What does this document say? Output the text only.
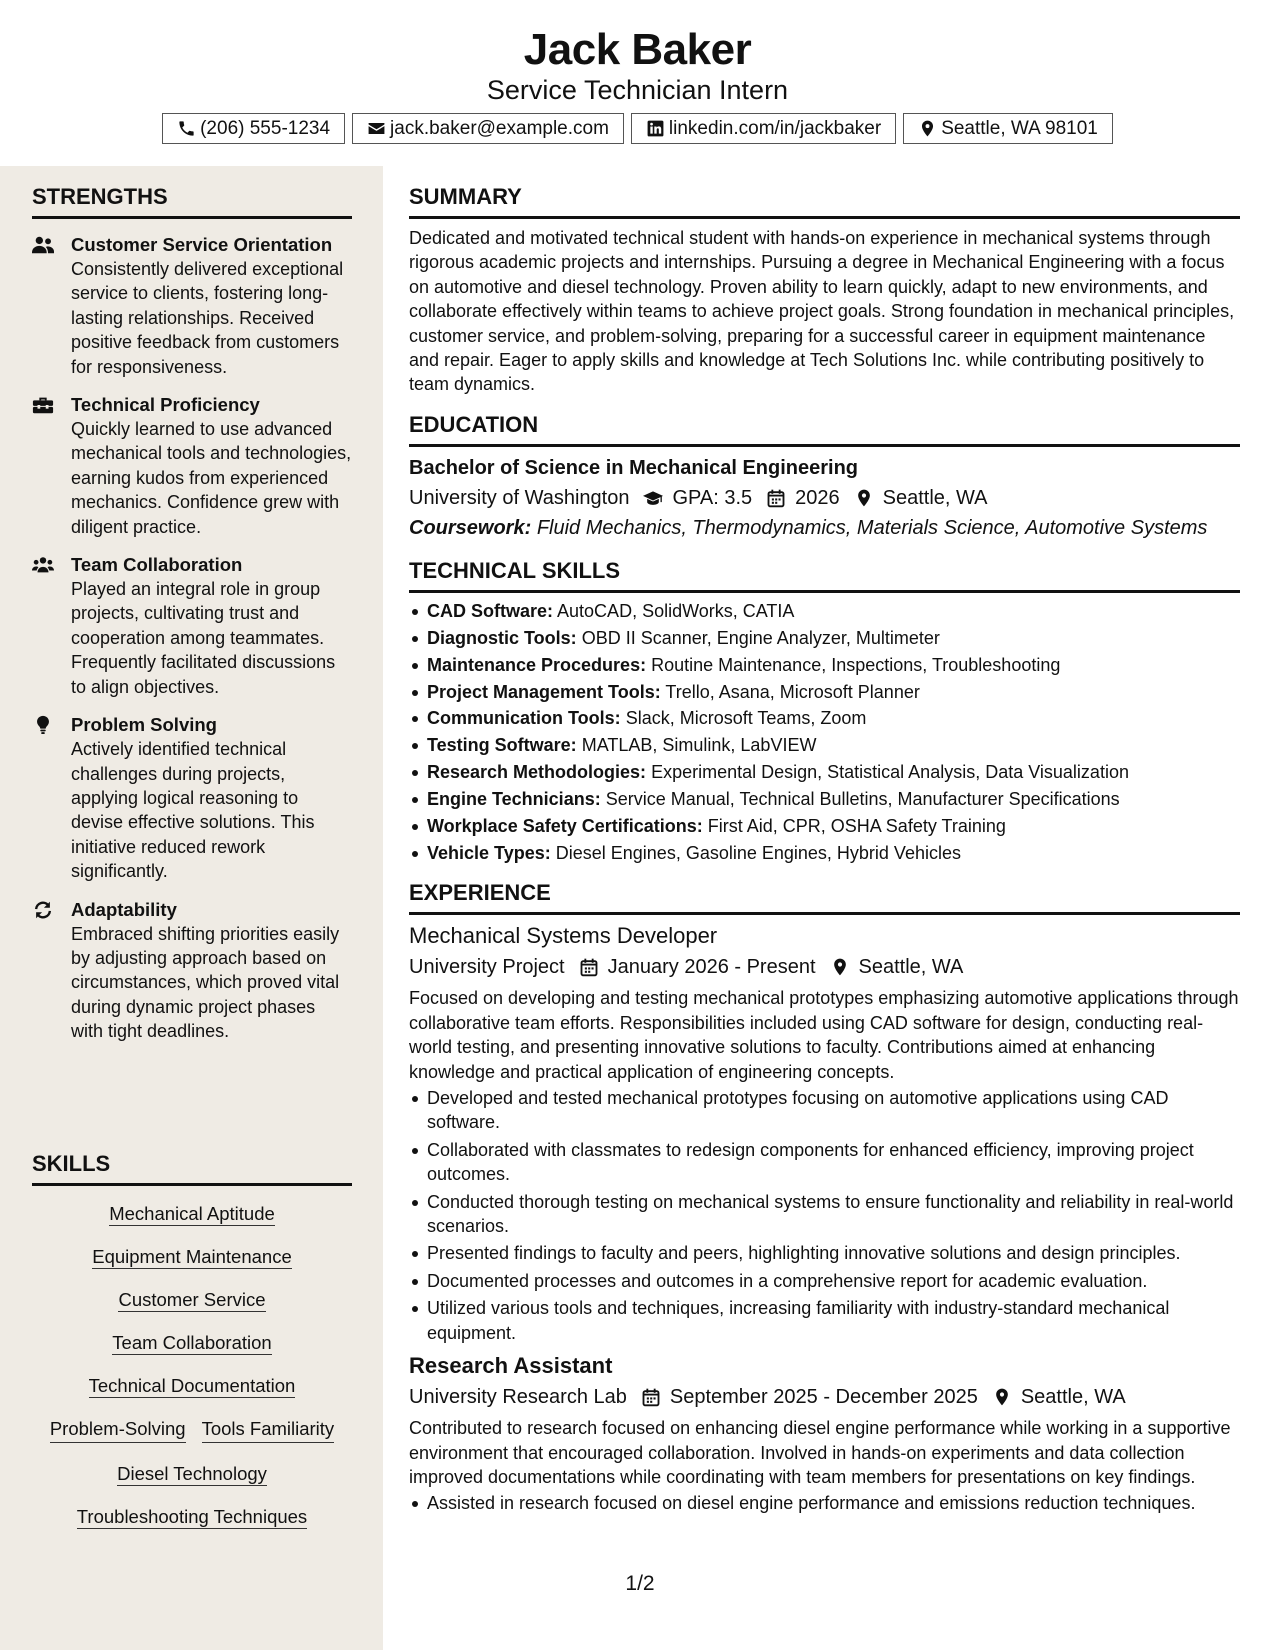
Jack Baker
Service Technician Intern
(206) 555-1234	jack.baker@example.com	linkedin.com/in/jackbaker	Seattle, WA 98101
STRENGTHS
Customer Service Orientation
Consistently delivered exceptional service to clients, fostering long-lasting relationships. Received positive feedback from customers for responsiveness.
Technical Proficiency
Quickly learned to use advanced mechanical tools and technologies, earning kudos from experienced mechanics. Confidence grew with diligent practice.
Team Collaboration
Played an integral role in group projects, cultivating trust and cooperation among teammates. Frequently facilitated discussions to align objectives.
Problem Solving
Actively identified technical challenges during projects, applying logical reasoning to devise effective solutions. This initiative reduced rework significantly.
Adaptability
Embraced shifting priorities easily by adjusting approach based on circumstances, which proved vital during dynamic project phases with tight deadlines.
SKILLS
Mechanical Aptitude
Equipment Maintenance
Customer Service
Team Collaboration
Technical Documentation
Problem-Solving Tools Familiarity
Diesel Technology
Troubleshooting Techniques
SUMMARY
Dedicated and motivated technical student with hands-on experience in mechanical systems through rigorous academic projects and internships. Pursuing a degree in Mechanical Engineering with a focus on automotive and diesel technology. Proven ability to learn quickly, adapt to new environments, and collaborate effectively within teams to achieve project goals. Strong foundation in mechanical principles, customer service, and problem-solving, preparing for a successful career in equipment maintenance and repair. Eager to apply skills and knowledge at Tech Solutions Inc. while contributing positively to team dynamics.
EDUCATION
Bachelor of Science in Mechanical Engineering
University of Washington GPA: 3.5 2026 Seattle, WA
Coursework: Fluid Mechanics, Thermodynamics, Materials Science, Automotive Systems
TECHNICAL SKILLS
CAD Software: AutoCAD, SolidWorks, CATIA
Diagnostic Tools: OBD II Scanner, Engine Analyzer, Multimeter
Maintenance Procedures: Routine Maintenance, Inspections, Troubleshooting
Project Management Tools: Trello, Asana, Microsoft Planner
Communication Tools: Slack, Microsoft Teams, Zoom
Testing Software: MATLAB, Simulink, LabVIEW
Research Methodologies: Experimental Design, Statistical Analysis, Data Visualization
Engine Technicians: Service Manual, Technical Bulletins, Manufacturer Specifications
Workplace Safety Certifications: First Aid, CPR, OSHA Safety Training
Vehicle Types: Diesel Engines, Gasoline Engines, Hybrid Vehicles
EXPERIENCE
Mechanical Systems Developer
University Project January 2026 - Present Seattle, WA
Focused on developing and testing mechanical prototypes emphasizing automotive applications through collaborative team efforts. Responsibilities included using CAD software for design, conducting real-world testing, and presenting innovative solutions to faculty. Contributions aimed at enhancing knowledge and practical application of engineering concepts.
Developed and tested mechanical prototypes focusing on automotive applications using CAD software.
Collaborated with classmates to redesign components for enhanced efficiency, improving project outcomes.
Conducted thorough testing on mechanical systems to ensure functionality and reliability in real-world scenarios.
Presented findings to faculty and peers, highlighting innovative solutions and design principles.
Documented processes and outcomes in a comprehensive report for academic evaluation.
Utilized various tools and techniques, increasing familiarity with industry-standard mechanical equipment.
Research Assistant
University Research Lab September 2025 - December 2025 Seattle, WA
Contributed to research focused on enhancing diesel engine performance while working in a supportive environment that encouraged collaboration. Involved in hands-on experiments and data collection improved documentations while coordinating with team members for presentations on key findings.
Assisted in research focused on diesel engine performance and emissions reduction techniques.
1/2
